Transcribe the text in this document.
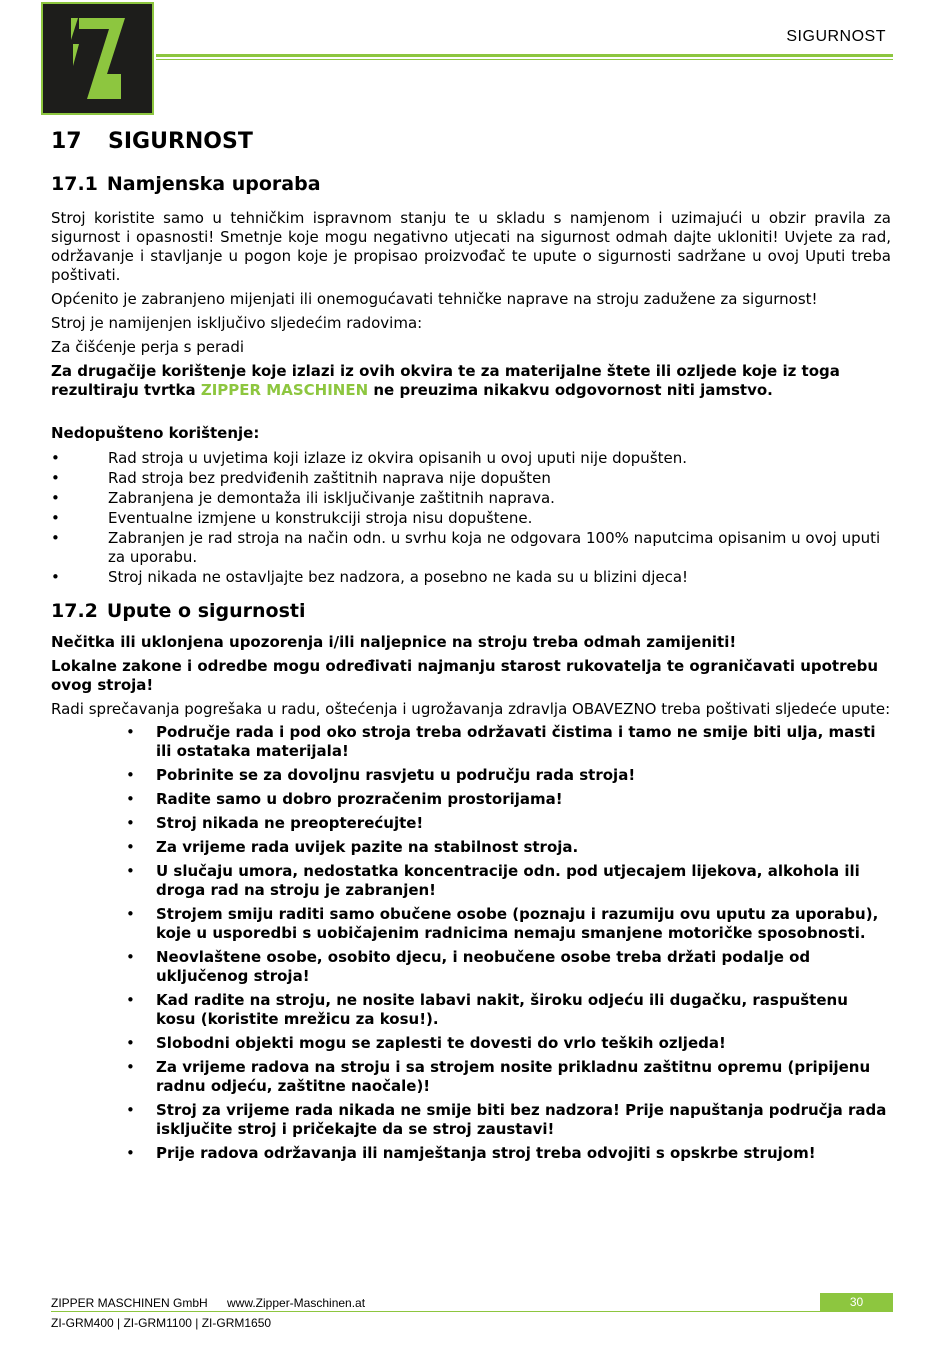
SIGURNOST
17 SIGURNOST
17.1 Namjenska uporaba

Stroj koristite samo u tehničkim ispravnom stanju te u skladu s namjenom i uzimajući u obzir pravila za sigurnost i opasnosti! Smetnje koje mogu negativno utjecati na sigurnost odmah dajte ukloniti! Uvjete za rad, održavanje i stavljanje u pogon koje je propisao proizvođač te upute o sigurnosti sadržane u ovoj Uputi treba poštivati.

Općenito je zabranjeno mijenjati ili onemogućavati tehničke naprave na stroju zadužene za sigurnost!

Stroj je namijenjen isključivo sljedećim radovima:

Za čišćenje perja s peradi

Za drugačije korištenje koje izlazi iz ovih okvira te za materijalne štete ili ozljede koje iz toga rezultiraju tvrtka ZIPPER MASCHINEN ne preuzima nikakvu odgovornost niti jamstvo.

Nedopušteno korištenje:

•	Rad stroja u uvjetima koji izlaze iz okvira opisanih u ovoj uputi nije dopušten.
•	Rad stroja bez predviđenih zaštitnih naprava nije dopušten
•	Zabranjena je demontaža ili isključivanje zaštitnih naprava.
•	Eventualne izmjene u konstrukciji stroja nisu dopuštene.
•	Zabranjen je rad stroja na način odn. u svrhu koja ne odgovara 100% naputcima opisanim u ovoj uputi za uporabu.
•	Stroj nikada ne ostavljajte bez nadzora, a posebno ne kada su u blizini djeca!
17.2 Upute o sigurnosti

Nečitka ili uklonjena upozorenja i/ili naljepnice na stroju treba odmah zamijeniti!

Lokalne zakone i odredbe mogu određivati najmanju starost rukovatelja te ograničavati upotrebu ovog stroja!

Radi sprečavanja pogrešaka u radu, oštećenja i ugrožavanja zdravlja OBAVEZNO treba poštivati sljedeće upute:

• Područje rada i pod oko stroja treba održavati čistima i tamo ne smije biti ulja, masti ili ostataka materijala!
• Pobrinite se za dovoljnu rasvjetu u području rada stroja!
• Radite samo u dobro prozračenim prostorijama!
• Stroj nikada ne preopterećujte!
• Za vrijeme rada uvijek pazite na stabilnost stroja.
• U slučaju umora, nedostatka koncentracije odn. pod utjecajem lijekova, alkohola ili droga rad na stroju je zabranjen!
• Strojem smiju raditi samo obučene osobe (poznaju i razumiju ovu uputu za uporabu), koje u usporedbi s uobičajenim radnicima nemaju smanjene motoričke sposobnosti.
• Neovlaštene osobe, osobito djecu, i neobučene osobe treba držati podalje od uključenog stroja!
• Kad radite na stroju, ne nosite labavi nakit, široku odjeću ili dugačku, raspuštenu kosu (koristite mrežicu za kosu!).
• Slobodni objekti mogu se zaplesti te dovesti do vrlo teških ozljeda!
• Za vrijeme radova na stroju i sa strojem nosite prikladnu zaštitnu opremu (pripijenu radnu odjeću, zaštitne naočale)!
• Stroj za vrijeme rada nikada ne smije biti bez nadzora! Prije napuštanja područja rada isključite stroj i pričekajte da se stroj zaustavi!
• Prije radova održavanja ili namještanja stroj treba odvojiti s opskrbe strujom!
ZIPPER MASCHINEN GmbH www.Zipper-Maschinen.at	30
ZI-GRM400 | ZI-GRM1100 | ZI-GRM1650
